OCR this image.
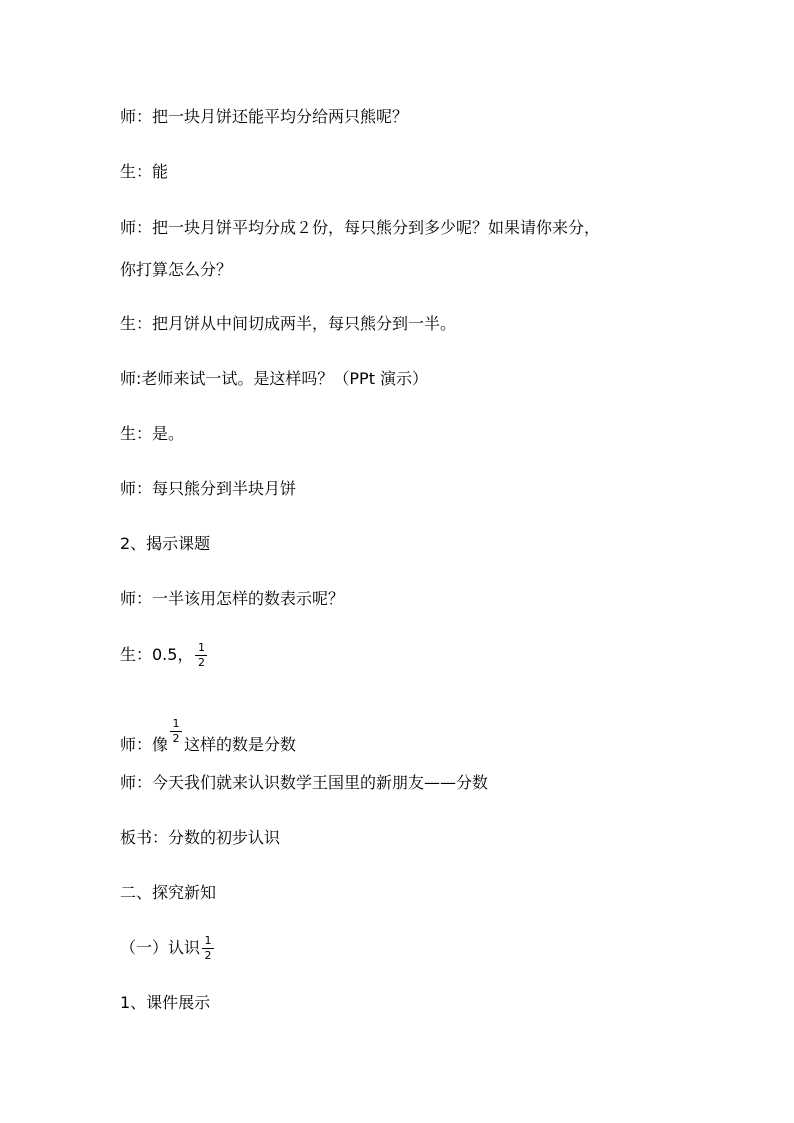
师：把一块月饼还能平均分给两只熊呢？
生：能
师：把一块月饼平均分成２份，每只熊分到多少呢？如果请你来分，
你打算怎么分？
生：把月饼从中间切成两半，每只熊分到一半。
师:老师来试一试。是这样吗？（PPt 演示）
生：是。
师：每只熊分到半块月饼
2、揭示课题
师：一半该用怎样的数表示呢？
生：0.5， $\frac{1}{2}$
师：像 $\frac{1}{2}$ 这样的数是分数
师：今天我们就来认识数学王国里的新朋友——分数
板书：分数的初步认识
二、探究新知
（一）认识 $\frac{1}{2}$
1、课件展示
